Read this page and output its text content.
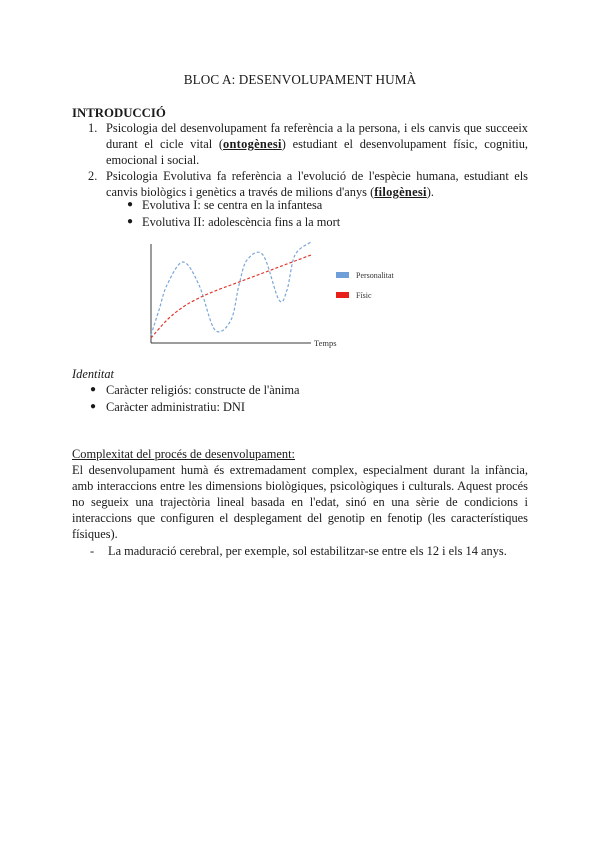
BLOC A: DESENVOLUPAMENT HUMÀ
INTRODUCCIÓ
1. Psicologia del desenvolupament fa referència a la persona, i els canvis que succeeix durant el cicle vital (ontogènesi) estudiant el desenvolupament físic, cognitiu, emocional i social.
2. Psicologia Evolutiva fa referència a l'evolució de l'espècie humana, estudiant els canvis biològics i genètics a través de milions d'anys (filogènesi).
● Evolutiva I: se centra en la infantesa
● Evolutiva II: adolescència fins a la mort
Personalitat
Físic
Temps
Identitat
● Caràcter religiós: constructe de l'ànima
● Caràcter administratiu: DNI
Complexitat del procés de desenvolupament:

El desenvolupament humà és extremadament complex, especialment durant la infància, amb interaccions entre les dimensions biològiques, psicològiques i culturals. Aquest procés no segueix una trajectòria lineal basada en l'edat, sinó en una sèrie de condicions i interaccions que configuren el desplegament del genotip en fenotip (les característiques físiques).

- La maduració cerebral, per exemple, sol estabilitzar-se entre els 12 i els 14 anys.
